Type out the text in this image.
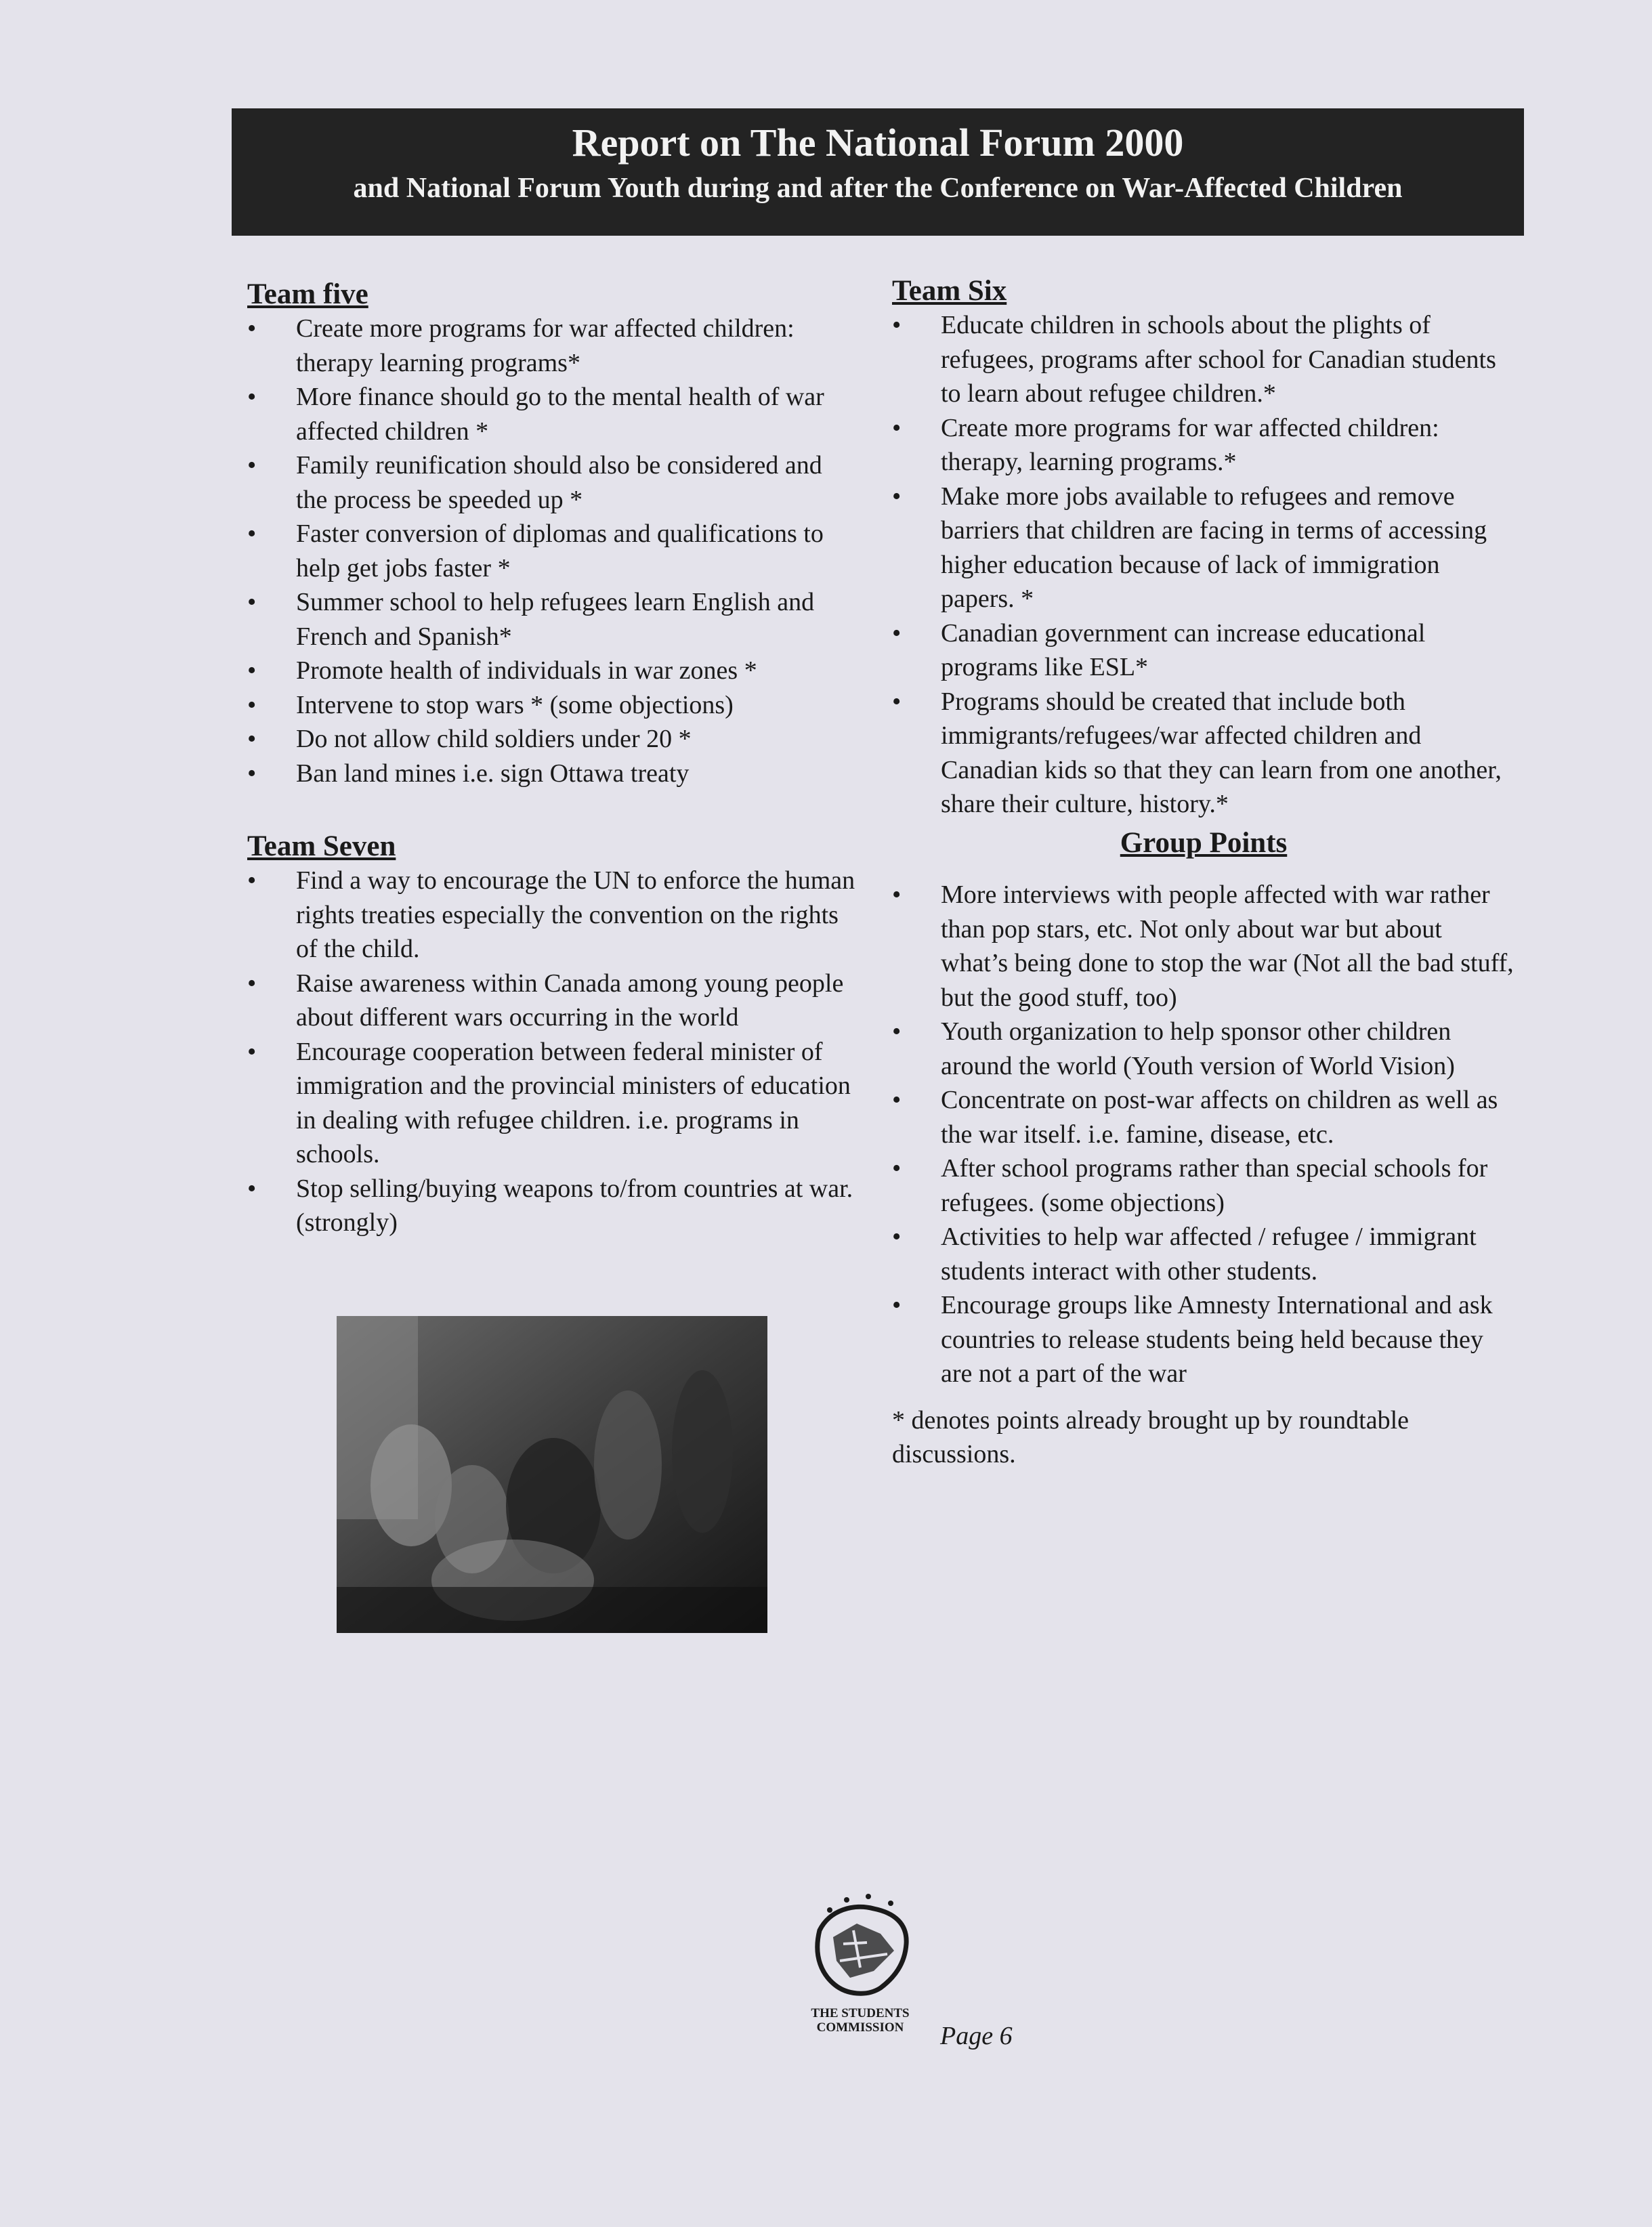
Report on The National Forum 2000
and National Forum Youth during and after the Conference on War-Affected Children
Team five
• Create more programs for war affected children: therapy learning programs*
• More finance should go to the mental health of war affected children *
• Family reunification should also be considered and the process be speeded up *
• Faster conversion of diplomas and qualifications to help get jobs faster *
• Summer school to help refugees learn English and French and Spanish*
• Promote health of individuals in war zones *
• Intervene to stop wars * (some objections)
• Do not allow child soldiers under 20 *
• Ban land mines i.e. sign Ottawa treaty
Team Seven
• Find a way to encourage the UN to enforce the human rights treaties especially the convention on the rights of the child.
• Raise awareness within Canada among young people about different wars occurring in the world
• Encourage cooperation between federal minister of immigration and the provincial ministers of education in dealing with refugee children. i.e. programs in schools.
• Stop selling/buying weapons to/from countries at war. (strongly)
Team Six
• Educate children in schools about the plights of refugees, programs after school for Canadian students to learn about refugee children.*
• Create more programs for war affected children: therapy, learning programs.*
• Make more jobs available to refugees and remove barriers that children are facing in terms of accessing higher education because of lack of immigration papers. *
• Canadian government can increase educational programs like ESL*
• Programs should be created that include both immigrants/refugees/war affected children and Canadian kids so that they can learn from one another, share their culture, history.*
Group Points
• More interviews with people affected with war rather than pop stars, etc. Not only about war but about what’s being done to stop the war (Not all the bad stuff, but the good stuff, too)
• Youth organization to help sponsor other children around the world (Youth version of World Vision)
• Concentrate on post-war affects on children as well as the war itself. i.e. famine, disease, etc.
• After school programs rather than special schools for refugees. (some objections)
• Activities to help war affected / refugee / immigrant students interact with other students.
• Encourage groups like Amnesty International and ask countries to release students being held because they are not a part of the war
* denotes points already brought up by roundtable discussions.
THE STUDENTS
COMMISSION	Page 6
